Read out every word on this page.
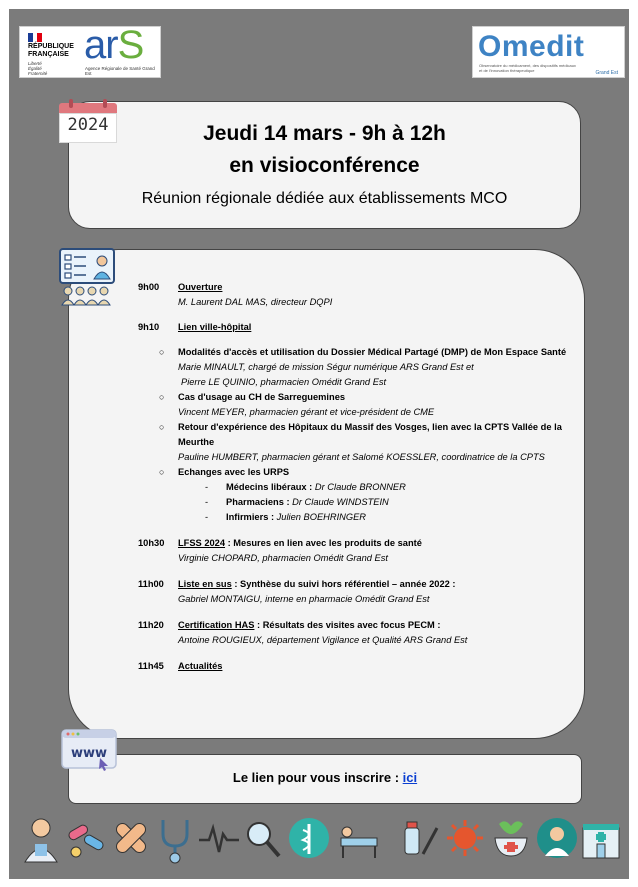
RÉPUBLIQUE
FRANÇAISE
Liberté
Égalité
Fraternité
arS
Agence Régionale de Santé Grand Est
Omedit
Observatoire du médicament, des dispositifs médicaux et de l'innovation thérapeutique	Grand Est
Jeudi 14 mars - 9h à 12h
en visioconférence
Réunion régionale dédiée aux établissements MCO
2024
9h00 Ouverture
M. Laurent DAL MAS, directeur DQPI
9h10 Lien ville-hôpital
○ Modalités d'accès et utilisation du Dossier Médical Partagé (DMP) de Mon Espace Santé
Marie MINAULT, chargé de mission Ségur numérique ARS Grand Est et
Pierre LE QUINIO, pharmacien Omédit Grand Est
○ Cas d'usage au CH de Sarreguemines
Vincent MEYER, pharmacien gérant et vice-président de CME
○ Retour d'expérience des Hôpitaux du Massif des Vosges, lien avec la CPTS Vallée de la Meurthe
Pauline HUMBERT, pharmacien gérant et Salomé KOESSLER, coordinatrice de la CPTS
○ Echanges avec les URPS
- Médecins libéraux : Dr Claude BRONNER
- Pharmaciens : Dr Claude WINDSTEIN
- Infirmiers : Julien BOEHRINGER
10h30 LFSS 2024 : Mesures en lien avec les produits de santé
Virginie CHOPARD, pharmacien Omédit Grand Est
11h00 Liste en sus : Synthèse du suivi hors référentiel – année 2022 :
Gabriel MONTAIGU, interne en pharmacie Omédit Grand Est
11h20 Certification HAS : Résultats des visites avec focus PECM :
Antoine ROUGIEUX, département Vigilance et Qualité ARS Grand Est
11h45 Actualités
Le lien pour vous inscrire : ici
www
